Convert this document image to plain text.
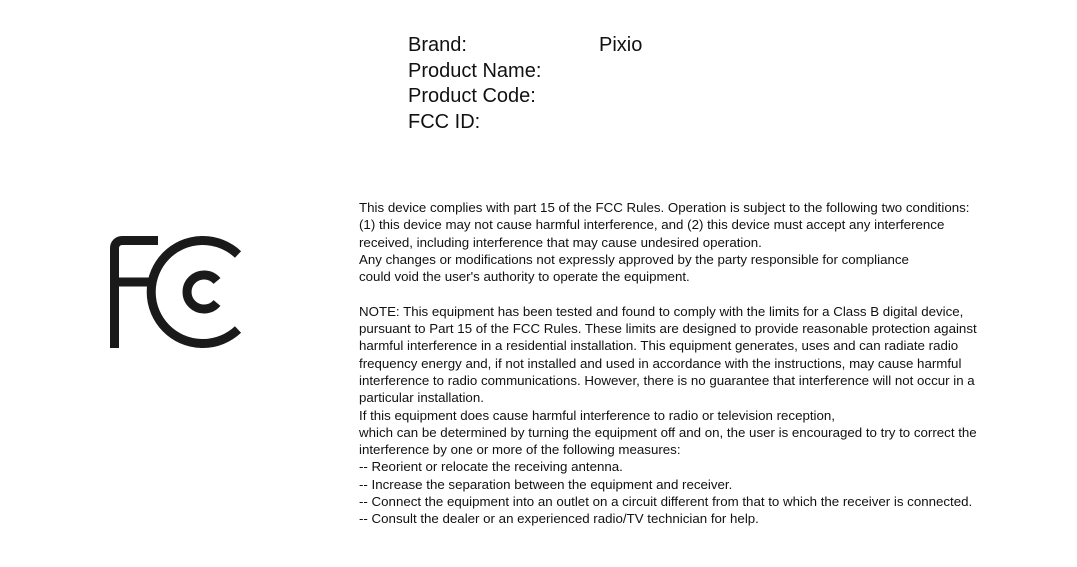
Brand:	Pixio
Product Name:
Product Code:
FCC ID:
This device complies with part 15 of the FCC Rules. Operation is subject to the following two conditions:
(1) this device may not cause harmful interference, and (2) this device must accept any interference
received, including interference that may cause undesired operation.
Any changes or modifications not expressly approved by the party responsible for compliance
could void the user's authority to operate the equipment.
NOTE: This equipment has been tested and found to comply with the limits for a Class B digital device,
pursuant to Part 15 of the FCC Rules. These limits are designed to provide reasonable protection against
harmful interference in a residential installation. This equipment generates, uses and can radiate radio
frequency energy and, if not installed and used in accordance with the instructions, may cause harmful
interference to radio communications. However, there is no guarantee that interference will not occur in a
particular installation.
If this equipment does cause harmful interference to radio or television reception,
which can be determined by turning the equipment off and on, the user is encouraged to try to correct the
interference by one or more of the following measures:
-- Reorient or relocate the receiving antenna.
-- Increase the separation between the equipment and receiver.
-- Connect the equipment into an outlet on a circuit different from that to which the receiver is connected.
-- Consult the dealer or an experienced radio/TV technician for help.
